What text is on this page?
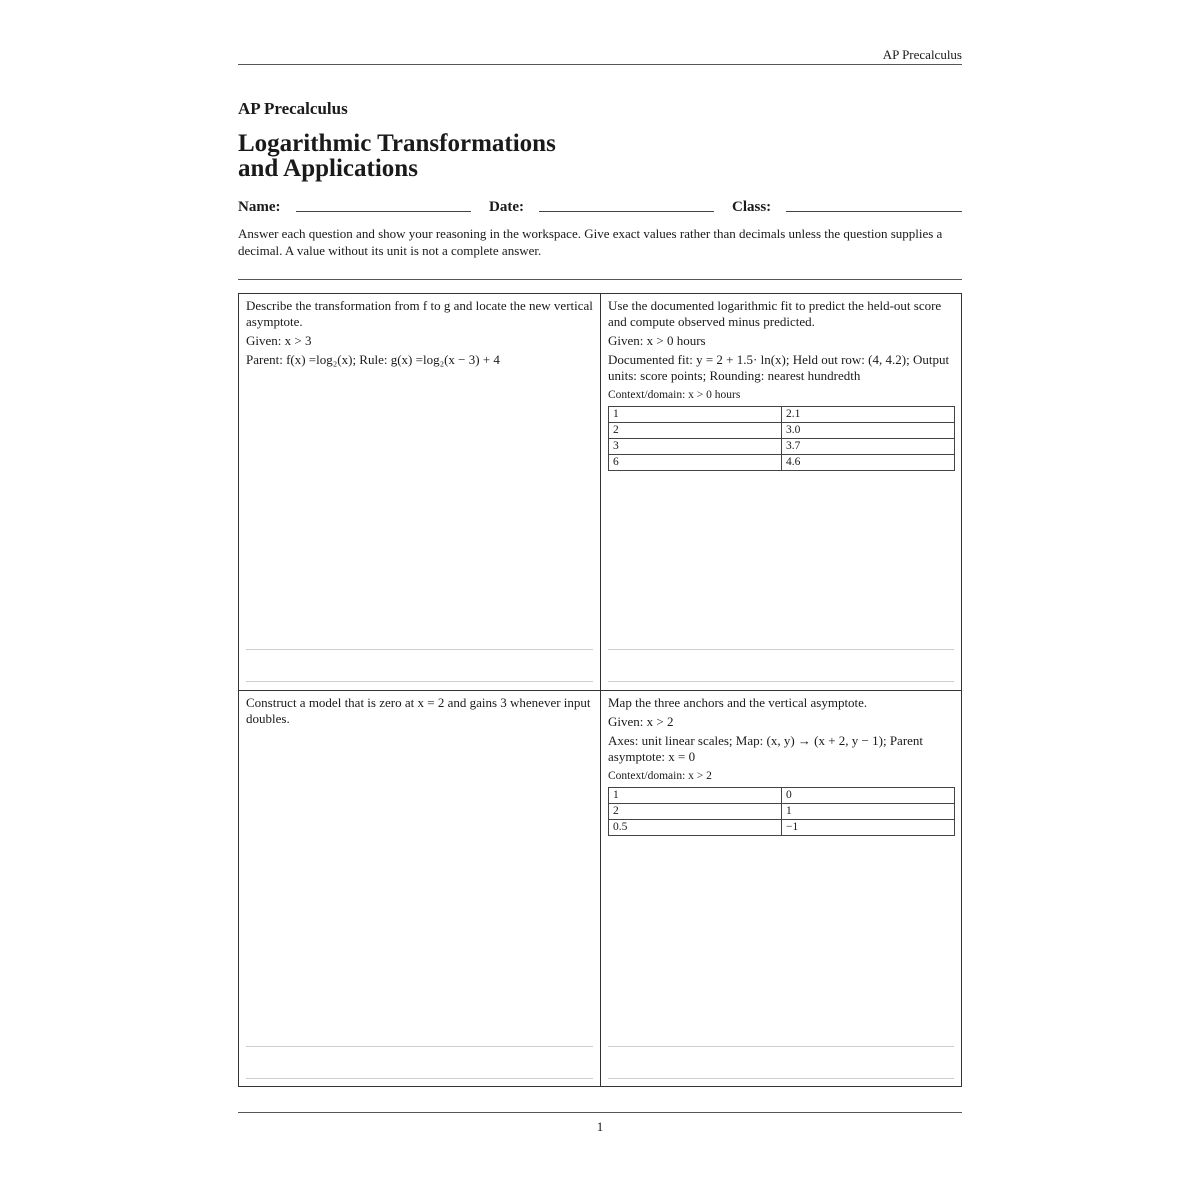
AP Precalculus
AP Precalculus
Logarithmic Transformations
and Applications
Name:	Date:	Class:
Answer each question and show your reasoning in the workspace. Give exact values rather than decimals unless the question supplies a decimal. A value without its unit is not a complete answer.

Describe the transformation from f to g and locate the new vertical asymptote.

Given: x > 3

Parent: f(x) =log₂(x); Rule: g(x) =log₂(x − 3) + 4

Use the documented logarithmic fit to predict the held-out score and compute observed minus predicted.

Given: x > 0 hours

Documented fit: y = 2 + 1.5· ln(x); Held out row: (4, 4.2); Output units: score points; Rounding: nearest hundredth

Context/domain: x > 0 hours
1	2.1
2	3.0
3	3.7
6	4.6

Construct a model that is zero at x = 2 and gains 3 whenever input doubles.

Map the three anchors and the vertical asymptote.

Given: x > 2

Axes: unit linear scales; Map: (x, y) → (x + 2, y − 1); Parent asymptote: x = 0

Context/domain: x > 2
1	0
2	1
0.5	−1
1
